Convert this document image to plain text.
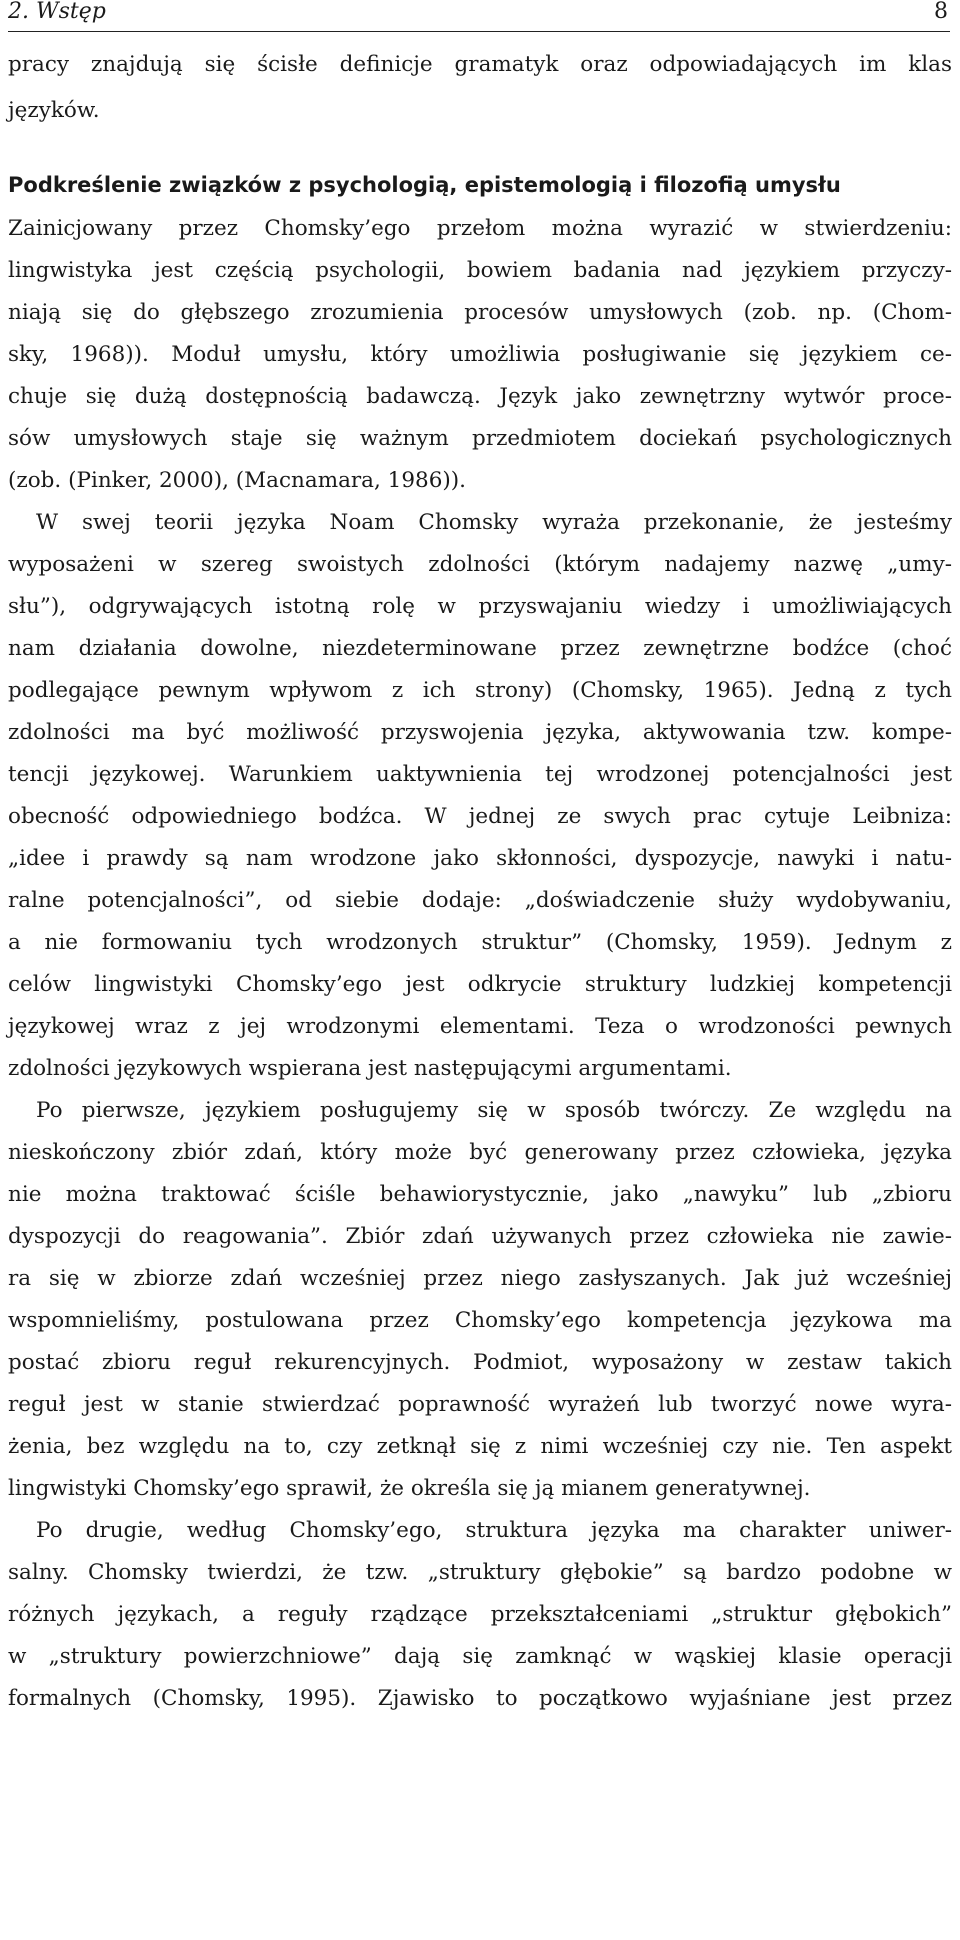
2. Wstęp	8
pracy znajdują się ścisłe definicje gramatyk oraz odpowiadających im klas
języków.
Podkreślenie związków z psychologią, epistemologią i filozofią umysłu
Zainicjowany przez Chomsky’ego przełom można wyrazić w stwierdzeniu:
lingwistyka jest częścią psychologii, bowiem badania nad językiem przyczy-
niają się do głębszego zrozumienia procesów umysłowych (zob. np. (Chom-
sky, 1968)). Moduł umysłu, który umożliwia posługiwanie się językiem ce-
chuje się dużą dostępnością badawczą. Język jako zewnętrzny wytwór proce-
sów umysłowych staje się ważnym przedmiotem dociekań psychologicznych
(zob. (Pinker, 2000), (Macnamara, 1986)).
W swej teorii języka Noam Chomsky wyraża przekonanie, że jesteśmy
wyposażeni w szereg swoistych zdolności (którym nadajemy nazwę „umy-
słu”), odgrywających istotną rolę w przyswajaniu wiedzy i umożliwiających
nam działania dowolne, niezdeterminowane przez zewnętrzne bodźce (choć
podlegające pewnym wpływom z ich strony) (Chomsky, 1965). Jedną z tych
zdolności ma być możliwość przyswojenia języka, aktywowania tzw. kompe-
tencji językowej. Warunkiem uaktywnienia tej wrodzonej potencjalności jest
obecność odpowiedniego bodźca. W jednej ze swych prac cytuje Leibniza:
„idee i prawdy są nam wrodzone jako skłonności, dyspozycje, nawyki i natu-
ralne potencjalności”, od siebie dodaje: „doświadczenie służy wydobywaniu,
a nie formowaniu tych wrodzonych struktur” (Chomsky, 1959). Jednym z
celów lingwistyki Chomsky’ego jest odkrycie struktury ludzkiej kompetencji
językowej wraz z jej wrodzonymi elementami. Teza o wrodzoności pewnych
zdolności językowych wspierana jest następującymi argumentami.
Po pierwsze, językiem posługujemy się w sposób twórczy. Ze względu na
nieskończony zbiór zdań, który może być generowany przez człowieka, języka
nie można traktować ściśle behawiorystycznie, jako „nawyku” lub „zbioru
dyspozycji do reagowania”. Zbiór zdań używanych przez człowieka nie zawie-
ra się w zbiorze zdań wcześniej przez niego zasłyszanych. Jak już wcześniej
wspomnieliśmy, postulowana przez Chomsky’ego kompetencja językowa ma
postać zbioru reguł rekurencyjnych. Podmiot, wyposażony w zestaw takich
reguł jest w stanie stwierdzać poprawność wyrażeń lub tworzyć nowe wyra-
żenia, bez względu na to, czy zetknął się z nimi wcześniej czy nie. Ten aspekt
lingwistyki Chomsky’ego sprawił, że określa się ją mianem generatywnej.
Po drugie, według Chomsky’ego, struktura języka ma charakter uniwer-
salny. Chomsky twierdzi, że tzw. „struktury głębokie” są bardzo podobne w
różnych językach, a reguły rządzące przekształceniami „struktur głębokich”
w „struktury powierzchniowe” dają się zamknąć w wąskiej klasie operacji
formalnych (Chomsky, 1995). Zjawisko to początkowo wyjaśniane jest przez
